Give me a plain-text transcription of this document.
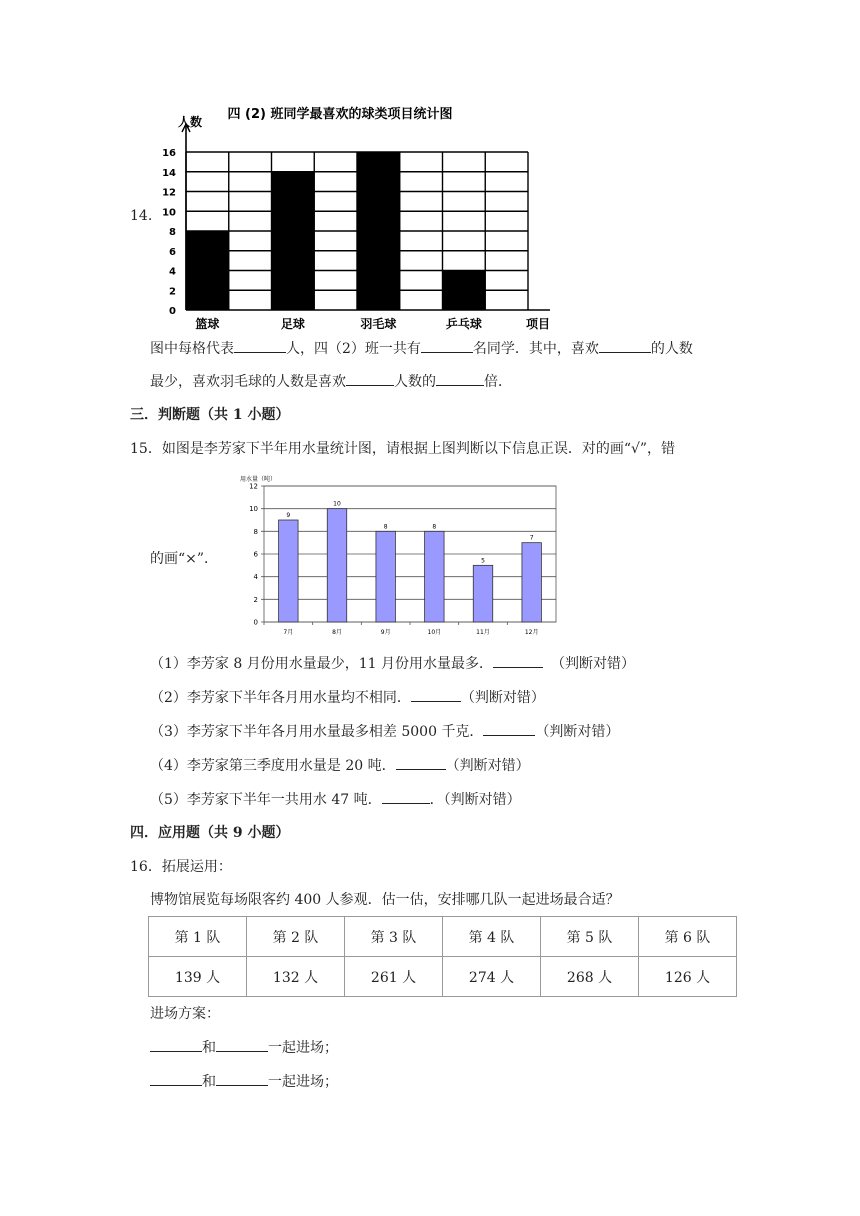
14.
四 (2) 班同学最喜欢的球类项目统计图
人数
0
2
4
6
8
10
12
14
16
篮球	足球	羽毛球	乒乓球	项目
图中每格代表	人，四（2）班一共有	名同学．其中，喜欢	的人数
最少，喜欢羽毛球的人数是喜欢	人数的	倍．
三．判断题（共 1 小题）
15．如图是李芳家下半年用水量统计图，请根据上图判断以下信息正误．对的画“√”，错
的画“×”．
用水量（吨）
0
2
4
6
8
10
12
9
7月
10
8月
8
9月
8
10月
5
11月
7
12月
（1）李芳家 8 月份用水量最少，11 月份用水量最多．	（判断对错）
（2）李芳家下半年各月用水量均不相同．	（判断对错）
（3）李芳家下半年各月用水量最多相差 5000 千克．	（判断对错）
（4）李芳家第三季度用水量是 20 吨．	（判断对错）
（5）李芳家下半年一共用水 47 吨．	．（判断对错）
四．应用题（共 9 小题）
16．拓展运用：
博物馆展览每场限客约 400 人参观．估一估，安排哪几队一起进场最合适？
第 1 队	第 2 队	第 3 队	第 4 队	第 5 队	第 6 队
139 人	132 人	261 人	274 人	268 人	126 人
进场方案：
和	一起进场；
和	一起进场；
